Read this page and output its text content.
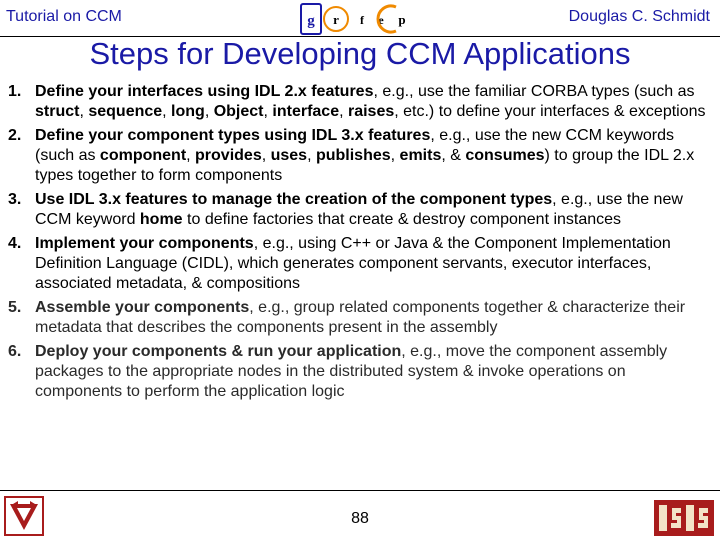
Tutorial on CCM	g r f e p	Douglas C. Schmidt
Steps for Developing CCM Applications
1. Define your interfaces using IDL 2.x features, e.g., use the familiar CORBA types (such as struct, sequence, long, Object, interface, raises, etc.) to define your interfaces & exceptions
2. Define your component types using IDL 3.x features, e.g., use the new CCM keywords (such as component, provides, uses, publishes, emits, & consumes) to group the IDL 2.x types together to form components
3. Use IDL 3.x features to manage the creation of the component types, e.g., use the new CCM keyword home to define factories that create & destroy component instances
4. Implement your components, e.g., using C++ or Java & the Component Implementation Definition Language (CIDL), which generates component servants, executor interfaces, associated metadata, & compositions
5. Assemble your components, e.g., group related components together & characterize their metadata that describes the components present in the assembly
6. Deploy your components & run your application, e.g., move the component assembly packages to the appropriate nodes in the distributed system & invoke operations on components to perform the application logic
88
